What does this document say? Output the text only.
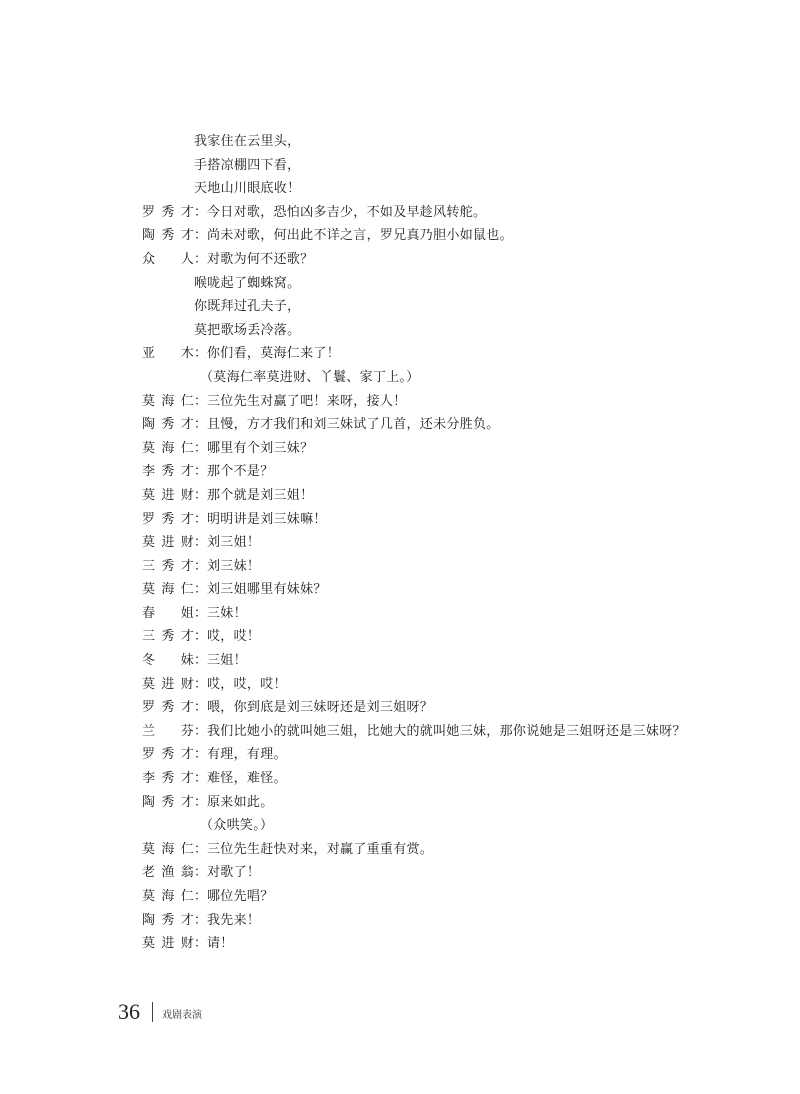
我家住在云里头，
手搭凉棚四下看，
天地山川眼底收！
罗秀才：今日对歌，恐怕凶多吉少，不如及早趁风转舵。
陶秀才：尚未对歌，何出此不详之言，罗兄真乃胆小如鼠也。
众人：对歌为何不还歌？
喉咙起了蜘蛛窝。
你既拜过孔夫子，
莫把歌场丢冷落。
亚木：你们看，莫海仁来了！
（莫海仁率莫进财、丫鬟、家丁上。）
莫海仁：三位先生对赢了吧！来呀，接人！
陶秀才：且慢，方才我们和刘三妹试了几首，还未分胜负。
莫海仁：哪里有个刘三妹？
李秀才：那个不是？
莫进财：那个就是刘三姐！
罗秀才：明明讲是刘三妹嘛！
莫进财：刘三姐！
三秀才：刘三妹！
莫海仁：刘三姐哪里有妹妹？
春姐：三妹！
三秀才：哎，哎！
冬妹：三姐！
莫进财：哎，哎，哎！
罗秀才：喂，你到底是刘三妹呀还是刘三姐呀？
兰芬：我们比她小的就叫她三姐，比她大的就叫她三妹，那你说她是三姐呀还是三妹呀？
罗秀才：有理，有理。
李秀才：难怪，难怪。
陶秀才：原来如此。
（众哄笑。）
莫海仁：三位先生赶快对来，对赢了重重有赏。
老渔翁：对歌了！
莫海仁：哪位先唱？
陶秀才：我先来！
莫进财：请！
36 戏剧表演
